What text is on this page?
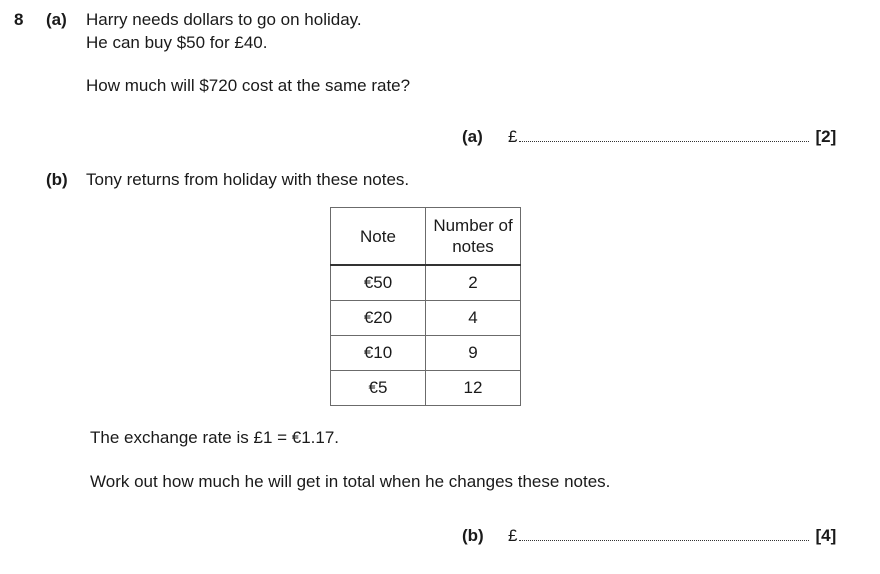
8 (a) Harry needs dollars to go on holiday.
He can buy $50 for £40.
How much will $720 cost at the same rate?
(a)	£	[2]
(b) Tony returns from holiday with these notes.
Note	Number of notes
€50	2
€20	4
€10	9
€5	12
The exchange rate is £1 = €1.17.
Work out how much he will get in total when he changes these notes.
(b)	£	[4]
